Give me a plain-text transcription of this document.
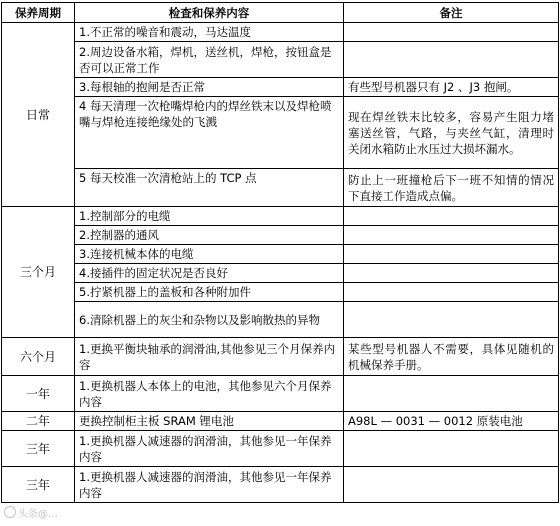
保养周期	检查和保养内容	备注
日常	1.不正常的噪音和震动，马达温度	
	2.周边设备水箱，焊机，送丝机，焊枪，按钮盒是否可以正常工作	
	3.每根轴的抱闸是否正常	有些型号机器只有 J2 、J3 抱闸。
	4 每天清理一次枪嘴焊枪内的焊丝铁末以及焊枪喷嘴与焊枪连接绝缘处的飞溅	现在焊丝铁末比较多，容易产生阻力堵塞送丝管，气路，与夹丝气缸，清理时关闭水箱防止水压过大损坏漏水。
	5 每天校准一次清枪站上的 TCP 点	防止上一班撞枪后下一班不知情的情况下直接工作造成点偏。
三个月	1.控制部分的电缆	
	2.控制器的通风	
	3.连接机械本体的电缆	
	4.接插件的固定状况是否良好	
	5.拧紧机器上的盖板和各种附加件	
	6.清除机器上的灰尘和杂物以及影响散热的异物	
六个月	1.更换平衡块轴承的润滑油,其他参见三个月保养内容	某些型号机器人不需要，具体见随机的机械保养手册。
一年	1.更换机器人本体上的电池，其他参见六个月保养内容	
二年	更换控制柜主板 SRAM 锂电池	A98L — 0031 — 0012 原装电池
三年	1.更换机器人减速器的润滑油，其他参见一年保养内容	
三年	1.更换机器人减速器的润滑油，其他参见一年保养内容	
头条@…
